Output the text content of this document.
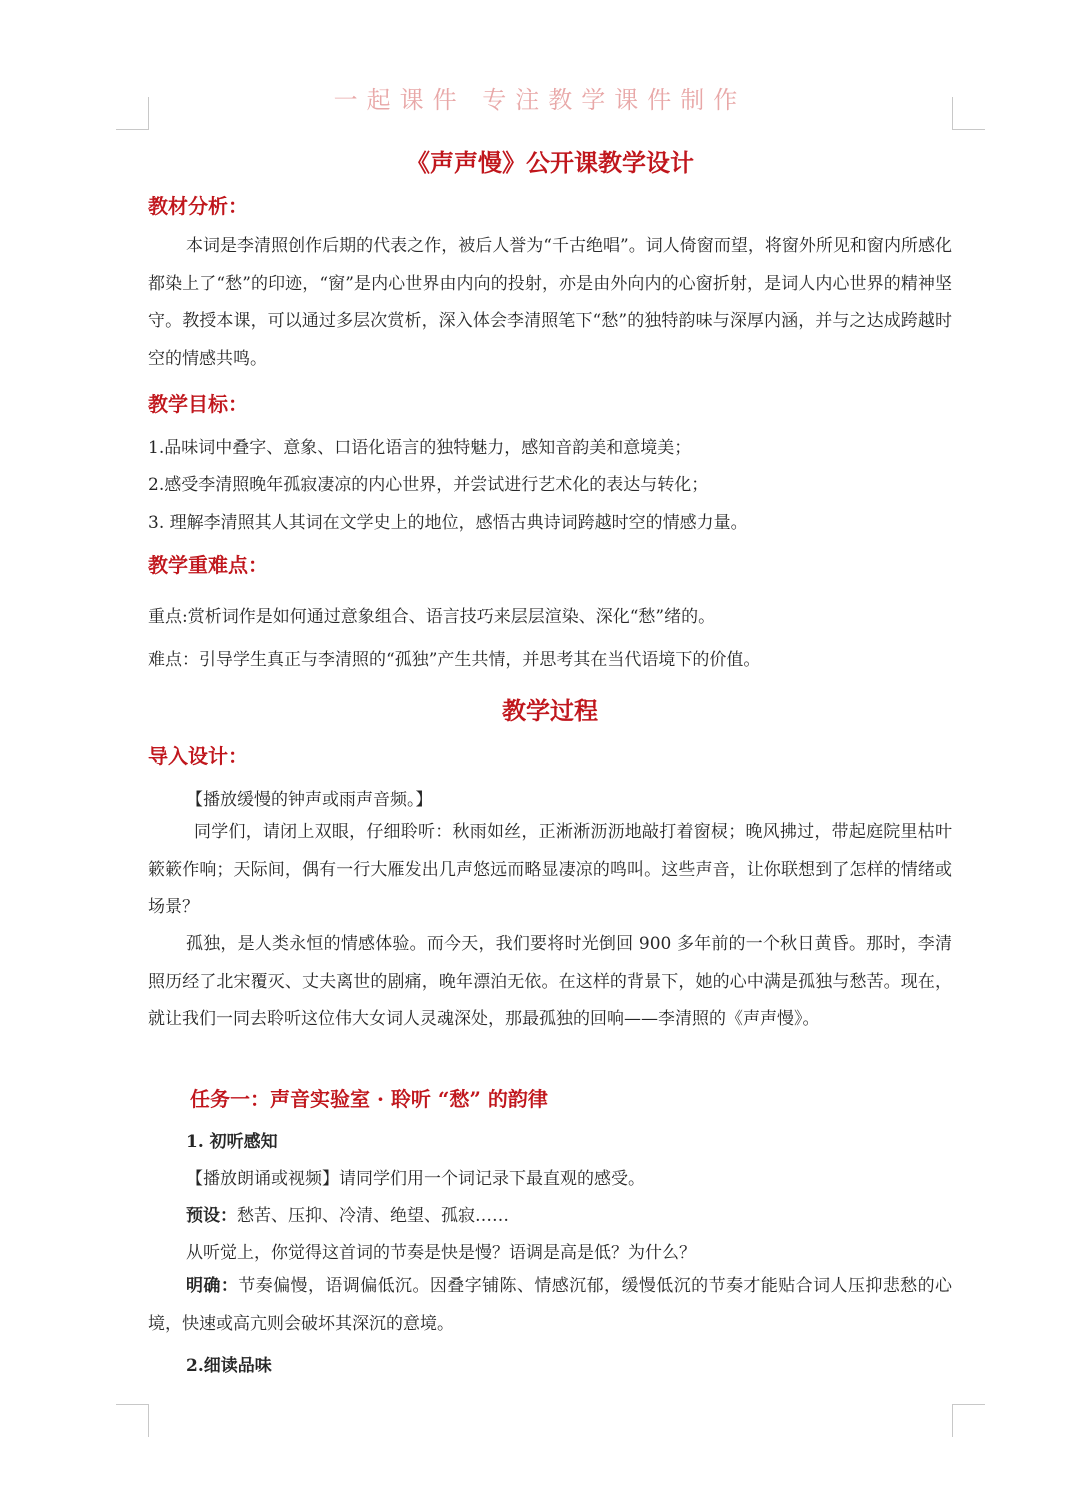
一起课件 专注教学课件制作
《声声慢》公开课教学设计
教材分析：
本词是李清照创作后期的代表之作，被后人誉为“千古绝唱”。词人倚窗而望，将窗外所见和窗内所感化都染上了“愁”的印迹，“窗”是内心世界由内向的投射，亦是由外向内的心窗折射，是词人内心世界的精神坚守。教授本课，可以通过多层次赏析，深入体会李清照笔下“愁”的独特韵味与深厚内涵，并与之达成跨越时空的情感共鸣。
教学目标：
1.品味词中叠字、意象、口语化语言的独特魅力，感知音韵美和意境美；
2.感受李清照晚年孤寂凄凉的内心世界，并尝试进行艺术化的表达与转化；
3. 理解李清照其人其词在文学史上的地位，感悟古典诗词跨越时空的情感力量。
教学重难点：
重点:赏析词作是如何通过意象组合、语言技巧来层层渲染、深化“愁”绪的。
难点：引导学生真正与李清照的“孤独”产生共情，并思考其在当代语境下的价值。
教学过程
导入设计：
【播放缓慢的钟声或雨声音频。】
同学们，请闭上双眼，仔细聆听：秋雨如丝，正淅淅沥沥地敲打着窗棂；晚风拂过，带起庭院里枯叶簌簌作响；天际间，偶有一行大雁发出几声悠远而略显凄凉的鸣叫。这些声音，让你联想到了怎样的情绪或场景？
孤独，是人类永恒的情感体验。而今天，我们要将时光倒回 900 多年前的一个秋日黄昏。那时，李清照历经了北宋覆灭、丈夫离世的剧痛，晚年漂泊无依。在这样的背景下，她的心中满是孤独与愁苦。现在，就让我们一同去聆听这位伟大女词人灵魂深处，那最孤独的回响——李清照的《声声慢》。
任务一：声音实验室 · 聆听 “愁” 的韵律
1. 初听感知
【播放朗诵或视频】请同学们用一个词记录下最直观的感受。
预设：愁苦、压抑、冷清、绝望、孤寂……
从听觉上，你觉得这首词的节奏是快是慢？语调是高是低？为什么？
明确：节奏偏慢，语调偏低沉。因叠字铺陈、情感沉郁，缓慢低沉的节奏才能贴合词人压抑悲愁的心境，快速或高亢则会破坏其深沉的意境。
2.细读品味
